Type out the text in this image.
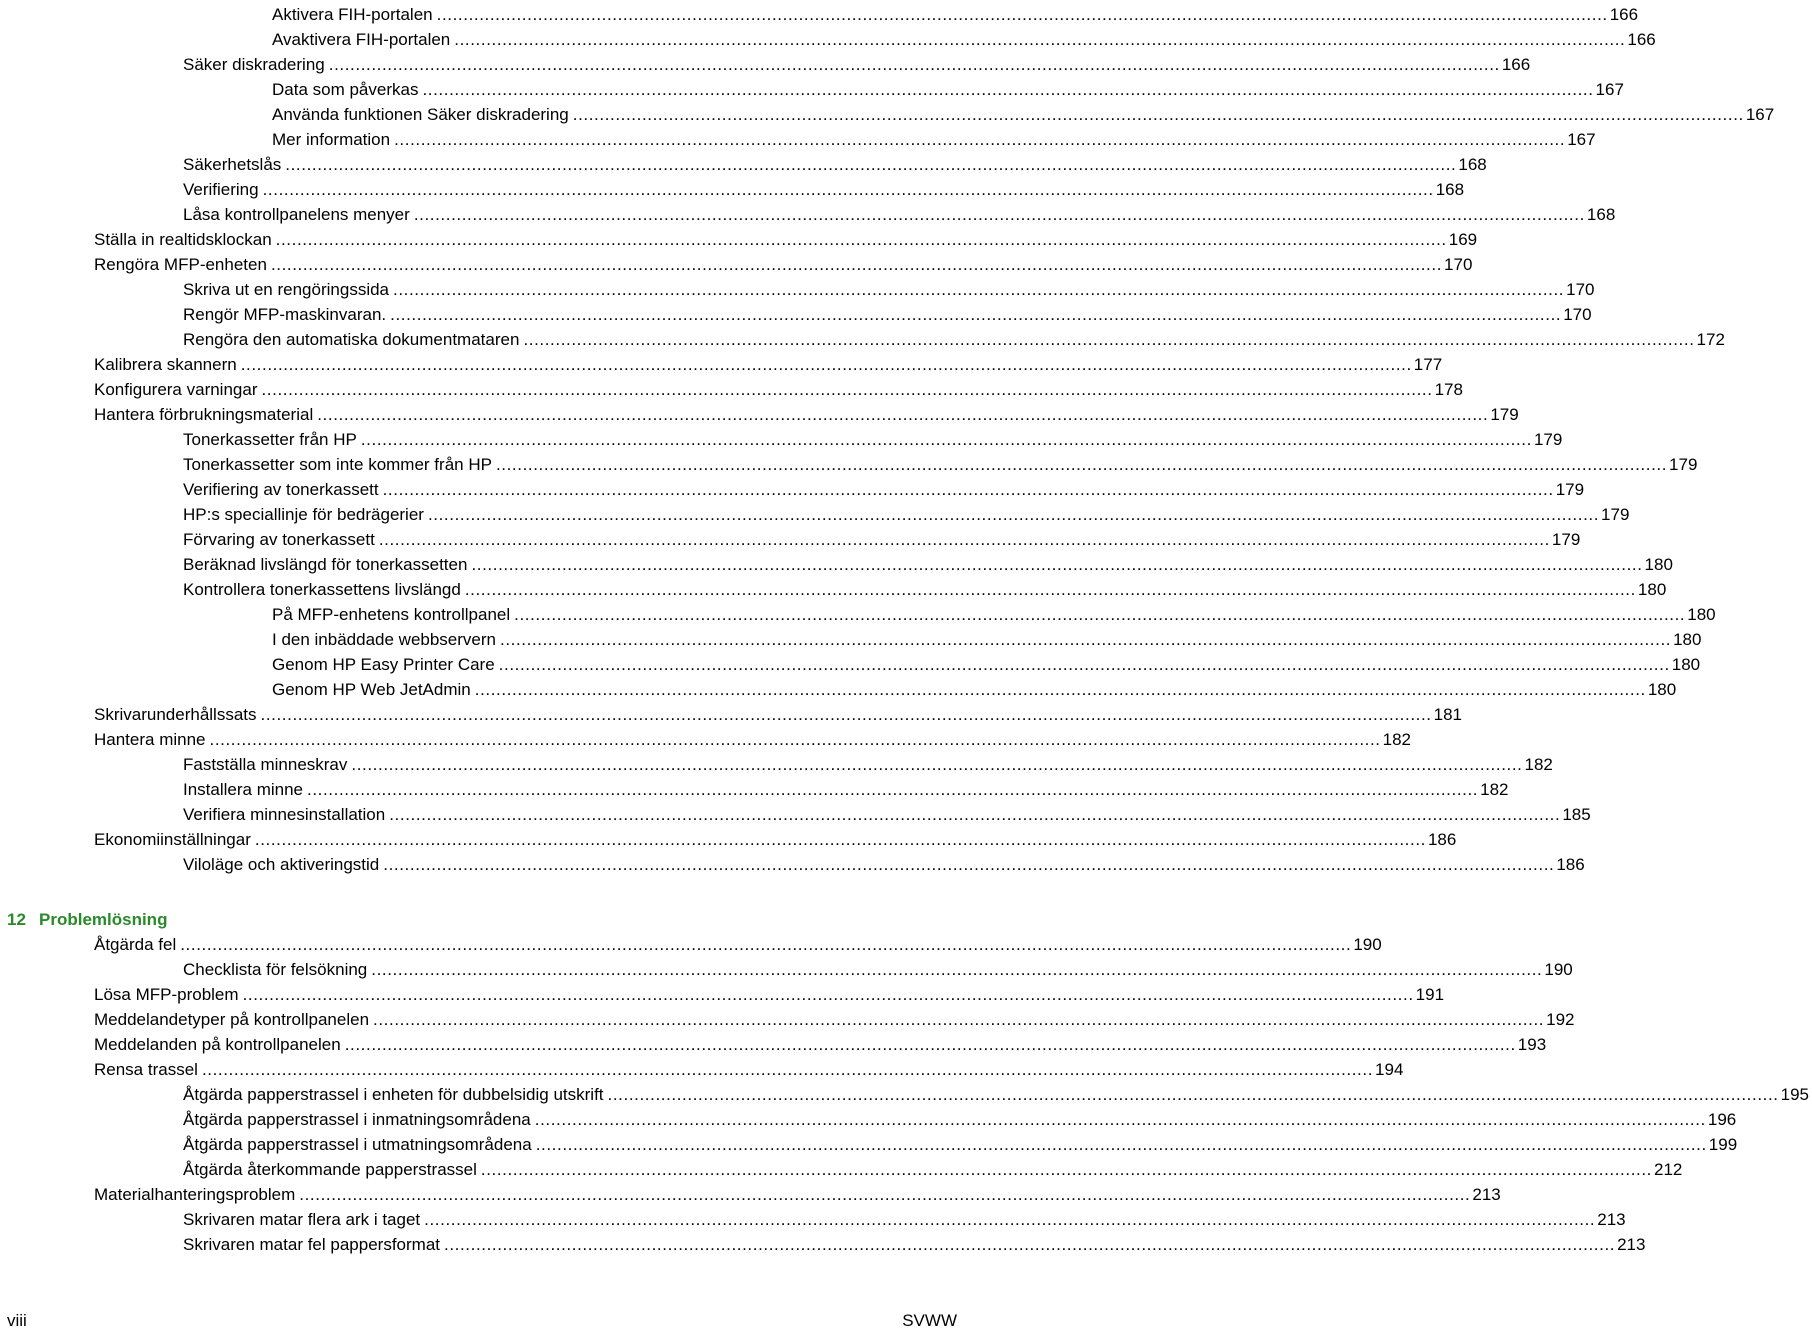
Aktivera FIH-portalen ............................................................................................................................................................................................................................ 166
Avaktivera FIH-portalen ............................................................................................................................................................................................................................ 166
Säker diskradering ............................................................................................................................................................................................................................ 166
Data som påverkas ............................................................................................................................................................................................................................ 167
Använda funktionen Säker diskradering ............................................................................................................................................................................................................................ 167
Mer information ............................................................................................................................................................................................................................ 167
Säkerhetslås ............................................................................................................................................................................................................................ 168
Verifiering ............................................................................................................................................................................................................................ 168
Låsa kontrollpanelens menyer ............................................................................................................................................................................................................................ 168
Ställa in realtidsklockan ............................................................................................................................................................................................................................ 169
Rengöra MFP-enheten ............................................................................................................................................................................................................................ 170
Skriva ut en rengöringssida ............................................................................................................................................................................................................................ 170
Rengör MFP-maskinvaran. ............................................................................................................................................................................................................................ 170
Rengöra den automatiska dokumentmataren ............................................................................................................................................................................................................................ 172
Kalibrera skannern ............................................................................................................................................................................................................................ 177
Konfigurera varningar ............................................................................................................................................................................................................................ 178
Hantera förbrukningsmaterial ............................................................................................................................................................................................................................ 179
Tonerkassetter från HP ............................................................................................................................................................................................................................ 179
Tonerkassetter som inte kommer från HP ............................................................................................................................................................................................................................ 179
Verifiering av tonerkassett ............................................................................................................................................................................................................................ 179
HP:s speciallinje för bedrägerier ............................................................................................................................................................................................................................ 179
Förvaring av tonerkassett ............................................................................................................................................................................................................................ 179
Beräknad livslängd för tonerkassetten ............................................................................................................................................................................................................................ 180
Kontrollera tonerkassettens livslängd ............................................................................................................................................................................................................................ 180
På MFP-enhetens kontrollpanel ............................................................................................................................................................................................................................ 180
I den inbäddade webbservern ............................................................................................................................................................................................................................ 180
Genom HP Easy Printer Care ............................................................................................................................................................................................................................ 180
Genom HP Web JetAdmin ............................................................................................................................................................................................................................ 180
Skrivarunderhållssats ............................................................................................................................................................................................................................ 181
Hantera minne ............................................................................................................................................................................................................................ 182
Fastställa minneskrav ............................................................................................................................................................................................................................ 182
Installera minne ............................................................................................................................................................................................................................ 182
Verifiera minnesinstallation ............................................................................................................................................................................................................................ 185
Ekonomiinställningar ............................................................................................................................................................................................................................ 186
Viloläge och aktiveringstid ............................................................................................................................................................................................................................ 186
12 Problemlösning
Åtgärda fel ............................................................................................................................................................................................................................ 190
Checklista för felsökning ............................................................................................................................................................................................................................ 190
Lösa MFP-problem ............................................................................................................................................................................................................................ 191
Meddelandetyper på kontrollpanelen ............................................................................................................................................................................................................................ 192
Meddelanden på kontrollpanelen ............................................................................................................................................................................................................................ 193
Rensa trassel ............................................................................................................................................................................................................................ 194
Åtgärda papperstrassel i enheten för dubbelsidig utskrift ............................................................................................................................................................................................................................ 195
Åtgärda papperstrassel i inmatningsområdena ............................................................................................................................................................................................................................ 196
Åtgärda papperstrassel i utmatningsområdena ............................................................................................................................................................................................................................ 199
Åtgärda återkommande papperstrassel ............................................................................................................................................................................................................................ 212
Materialhanteringsproblem ............................................................................................................................................................................................................................ 213
Skrivaren matar flera ark i taget ............................................................................................................................................................................................................................ 213
Skrivaren matar fel pappersformat ............................................................................................................................................................................................................................ 213
viii	SVWW
